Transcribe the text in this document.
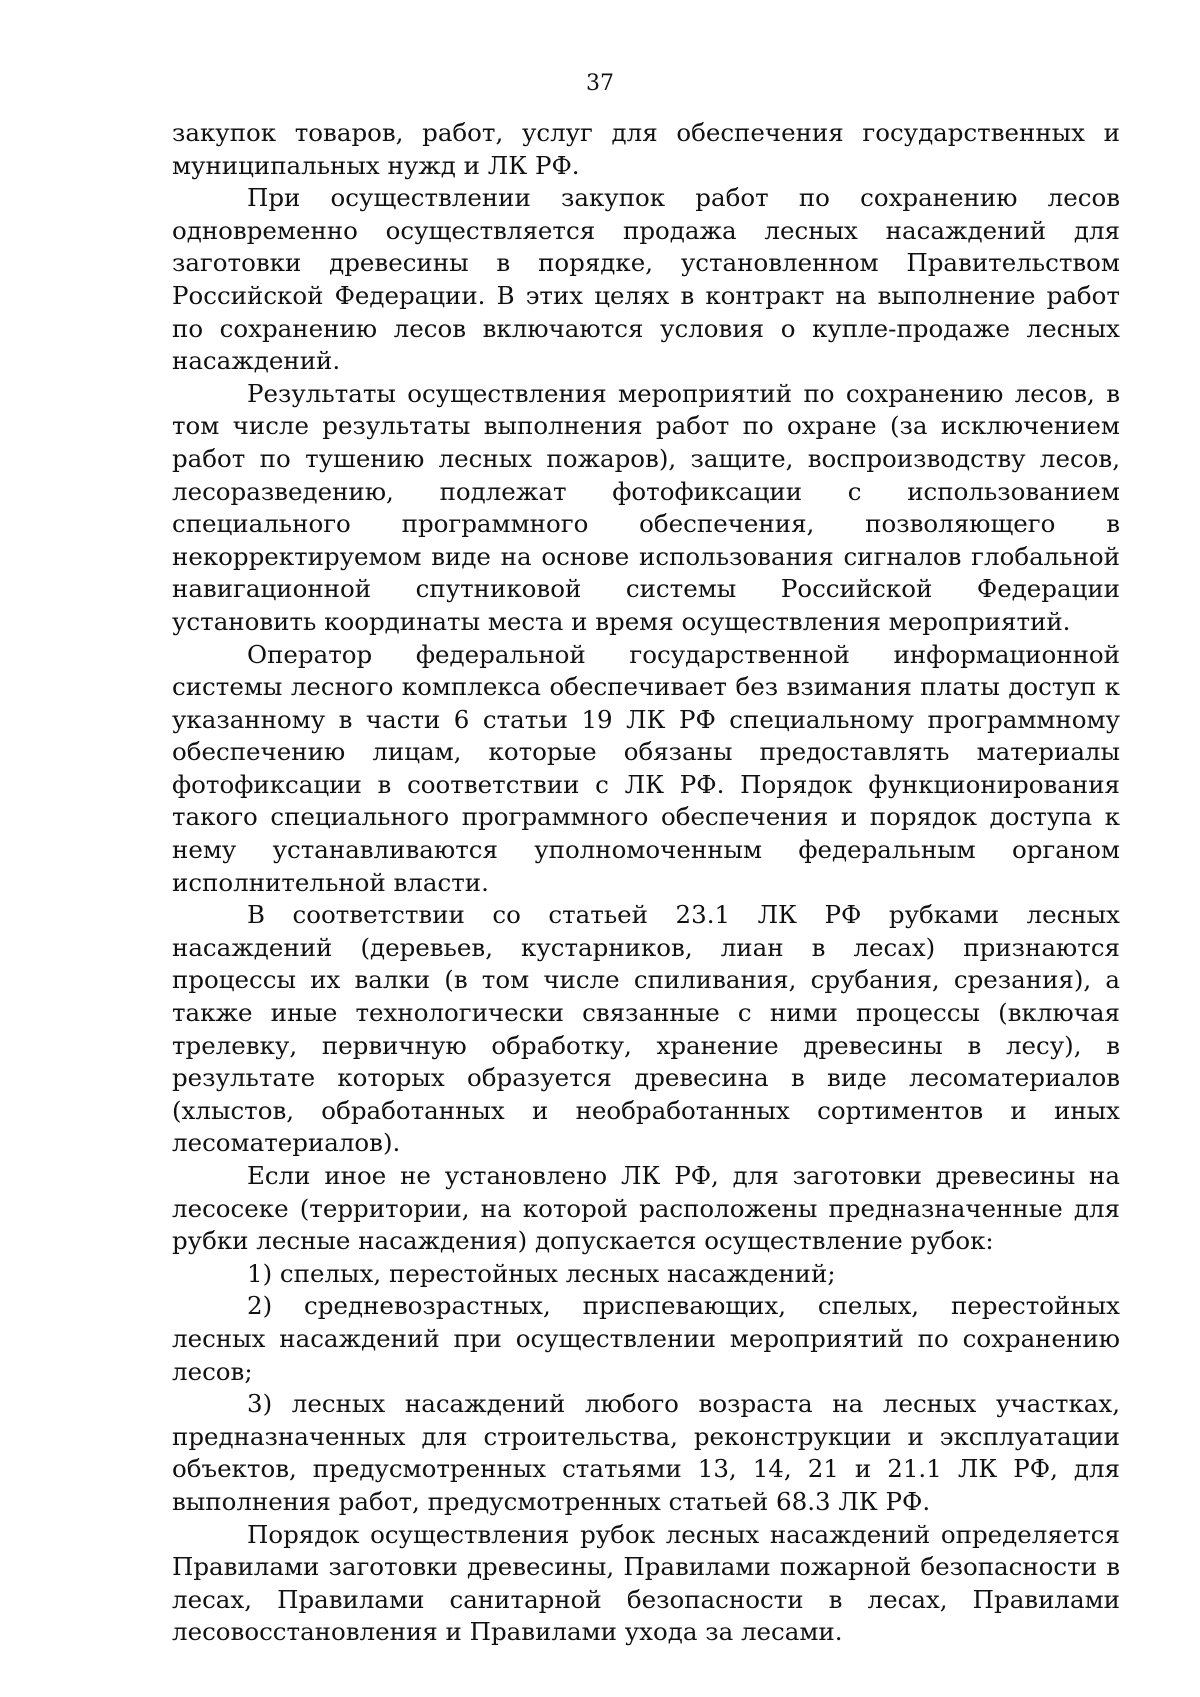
37

закупок товаров, работ, услуг для обеспечения государственных и муниципальных нужд и ЛК РФ.

При осуществлении закупок работ по сохранению лесов одновременно осуществляется продажа лесных насаждений для заготовки древесины в порядке, установленном Правительством Российской Федерации. В этих целях в контракт на выполнение работ по сохранению лесов включаются условия о купле-продаже лесных насаждений.

Результаты осуществления мероприятий по сохранению лесов, в том числе результаты выполнения работ по охране (за исключением работ по тушению лесных пожаров), защите, воспроизводству лесов, лесоразведению, подлежат фотофиксации с использованием специального программного обеспечения, позволяющего в некорректируемом виде на основе использования сигналов глобальной навигационной спутниковой системы Российской Федерации установить координаты места и время осуществления мероприятий.

Оператор федеральной государственной информационной системы лесного комплекса обеспечивает без взимания платы доступ к указанному в части 6 статьи 19 ЛК РФ специальному программному обеспечению лицам, которые обязаны предоставлять материалы фотофиксации в соответствии с ЛК РФ. Порядок функционирования такого специального программного обеспечения и порядок доступа к нему устанавливаются уполномоченным федеральным органом исполнительной власти.

В соответствии со статьей 23.1 ЛК РФ рубками лесных насаждений (деревьев, кустарников, лиан в лесах) признаются процессы их валки (в том числе спиливания, срубания, срезания), а также иные технологически связанные с ними процессы (включая трелевку, первичную обработку, хранение древесины в лесу), в результате которых образуется древесина в виде лесоматериалов (хлыстов, обработанных и необработанных сортиментов и иных лесоматериалов).

Если иное не установлено ЛК РФ, для заготовки древесины на лесосеке (территории, на которой расположены предназначенные для рубки лесные насаждения) допускается осуществление рубок:

1) спелых, перестойных лесных насаждений;

2) средневозрастных, приспевающих, спелых, перестойных лесных насаждений при осуществлении мероприятий по сохранению лесов;

3) лесных насаждений любого возраста на лесных участках, предназначенных для строительства, реконструкции и эксплуатации объектов, предусмотренных статьями 13, 14, 21 и 21.1 ЛК РФ, для выполнения работ, предусмотренных статьей 68.3 ЛК РФ.

Порядок осуществления рубок лесных насаждений определяется Правилами заготовки древесины, Правилами пожарной безопасности в лесах, Правилами санитарной безопасности в лесах, Правилами лесовосстановления и Правилами ухода за лесами.
